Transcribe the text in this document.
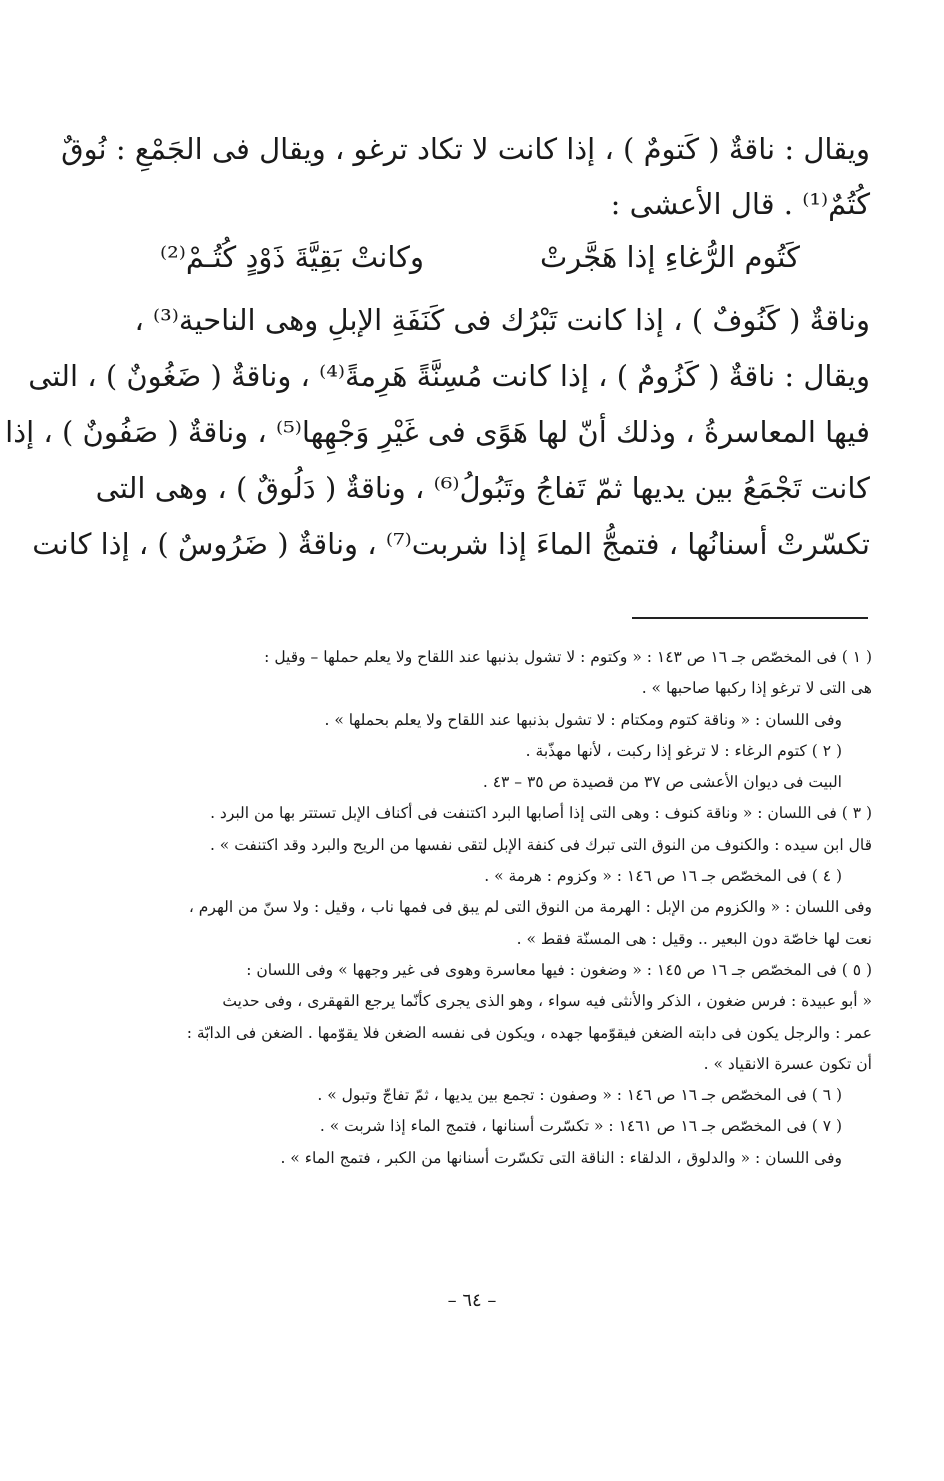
ويقال : ناقةٌ ( كَتومٌ ) ، إذا كانت لا تكاد ترغو ، ويقال فى الجَمْعِ : نُوقٌ
كُتُمٌ⁽¹⁾ . قال الأعشى :
كَتُوم الرُّغاءِ إذا هَجَّرتْ
وكانتْ بَقِيَّةَ ذَوْدٍ كُتُـمْ⁽²⁾
وناقةٌ ( كَنُوفٌ ) ، إذا كانت تَبْرُك فى كَنَفَةِ الإبلِ وهى الناحية⁽³⁾ ،
ويقال : ناقةٌ ( كَزُومٌ ) ، إذا كانت مُسِنَّةً هَرِمةً⁽⁴⁾ ، وناقةٌ ( ضَغُونٌ ) ، التى
فيها المعاسرةُ ، وذلك أنّ لها هَوًى فى غَيْرِ وَجْهِها⁽⁵⁾ ، وناقةٌ ( صَفُونٌ ) ، إذا
كانت تَجْمَعُ بين يديها ثمّ تَفاجُ وتَبُولُ⁽⁶⁾ ، وناقةٌ ( دَلُوقٌ ) ، وهى التى
تكسّرتْ أسنانُها ، فتمجُّ الماءَ إذا شربت⁽⁷⁾ ، وناقةٌ ( ضَرُوسٌ ) ، إذا كانت
( ١ ) فى المخصّص جـ ١٦ ص ١٤٣ : « وكتوم : لا تشول بذنبها عند اللقاح ولا يعلم حملها – وقيل :
هى التى لا ترغو إذا ركبها صاحبها » .
وفى اللسان : « وناقة كتوم ومكتام : لا تشول بذنبها عند اللقاح ولا يعلم بحملها » .
( ٢ ) كتوم الرغاء : لا ترغو إذا ركبت ، لأنها مهذّبة .
البيت فى ديوان الأعشى ص ٣٧ من قصيدة ص ٣٥ – ٤٣ .
( ٣ ) فى اللسان : « وناقة كنوف : وهى التى إذا أصابها البرد اكتنفت فى أكناف الإبل تستتر بها من البرد .
قال ابن سيده : والكنوف من النوق التى تبرك فى كنفة الإبل لتقى نفسها من الريح والبرد وقد اكتنفت » .
( ٤ ) فى المخصّص جـ ١٦ ص ١٤٦ : « وكزوم : هرمة » .
وفى اللسان : « والكزوم من الإبل : الهرمة من النوق التى لم يبق فى فمها ناب ، وقيل : ولا سنّ من الهرم ،
نعت لها خاصّة دون البعير .. وقيل : هى المسنّة فقط » .
( ٥ ) فى المخصّص جـ ١٦ ص ١٤٥ : « وضغون : فيها معاسرة وهوى فى غير وجهها » وفى اللسان :
« أبو عبيدة : فرس ضغون ، الذكر والأنثى فيه سواء ، وهو الذى يجرى كأنّما يرجع القهقرى ، وفى حديث
عمر : والرجل يكون فى دابته الضغن فيقوّمها جهده ، ويكون فى نفسه الضغن فلا يقوّمها . الضغن فى الدابّة :
أن تكون عسرة الانقياد » .
( ٦ ) فى المخصّص جـ ١٦ ص ١٤٦ : « وصفون : تجمع بين يديها ، ثمّ تفاجّ وتبول » .
( ٧ ) فى المخصّص جـ ١٦ ص ١٤٦١ : « تكسّرت أسنانها ، فتمج الماء إذا شربت » .
وفى اللسان : « والدلوق ، الدلقاء : الناقة التى تكسّرت أسنانها من الكبر ، فتمج الماء » .
– ٦٤ –
